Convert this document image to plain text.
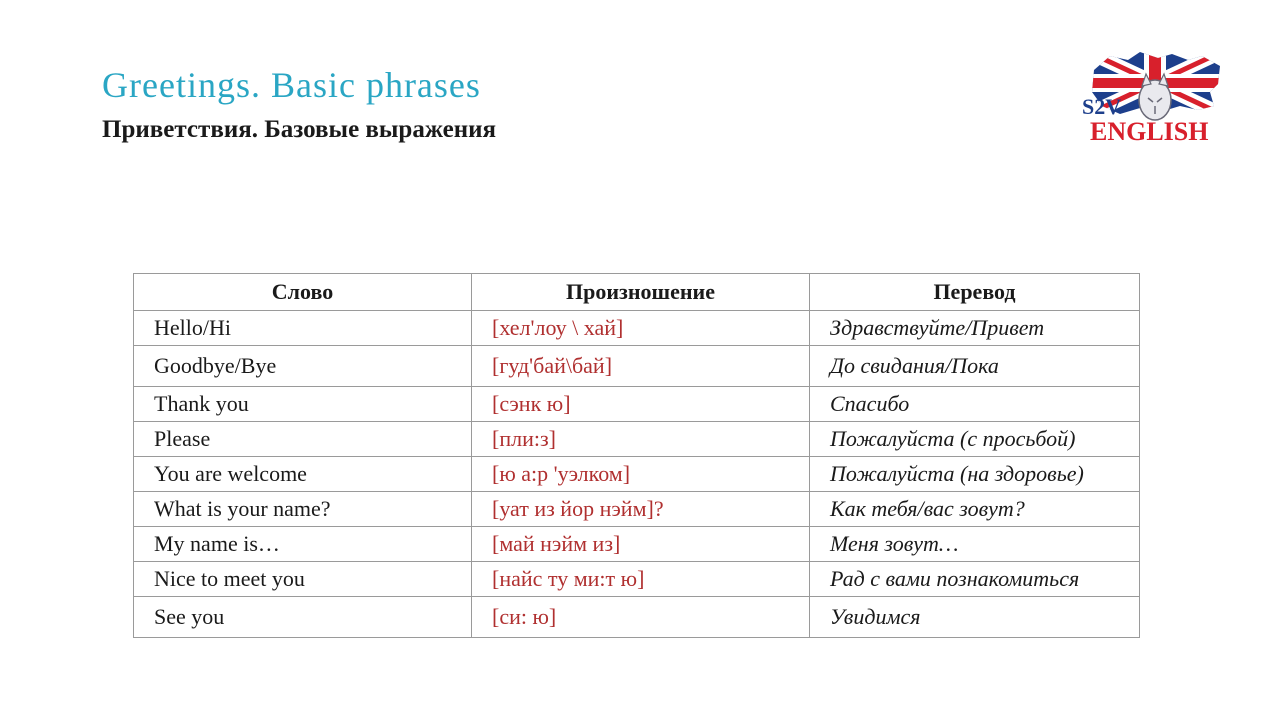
Greetings. Basic phrases
Приветствия. Базовые выражения
S2V
ENGLISH
Слово	Произношение	Перевод
Hello/Hi	[хел'лоу \ хай]	Здравствуйте/Привет
Goodbye/Bye	[гуд'бай\бай]	До свидания/Пока
Thank you	[сэнк ю]	Спасибо
Please	[пли:з]	Пожалуйста (с просьбой)
You are welcome	[ю а:р 'уэлком]	Пожалуйста (на здоровье)
What is your name?	[уат из йор нэйм]?	Как тебя/вас зовут?
My name is…	[май нэйм из]	Меня зовут…
Nice to meet you	[найс ту ми:т ю]	Рад с вами познакомиться
See you	[си: ю]	Увидимся
